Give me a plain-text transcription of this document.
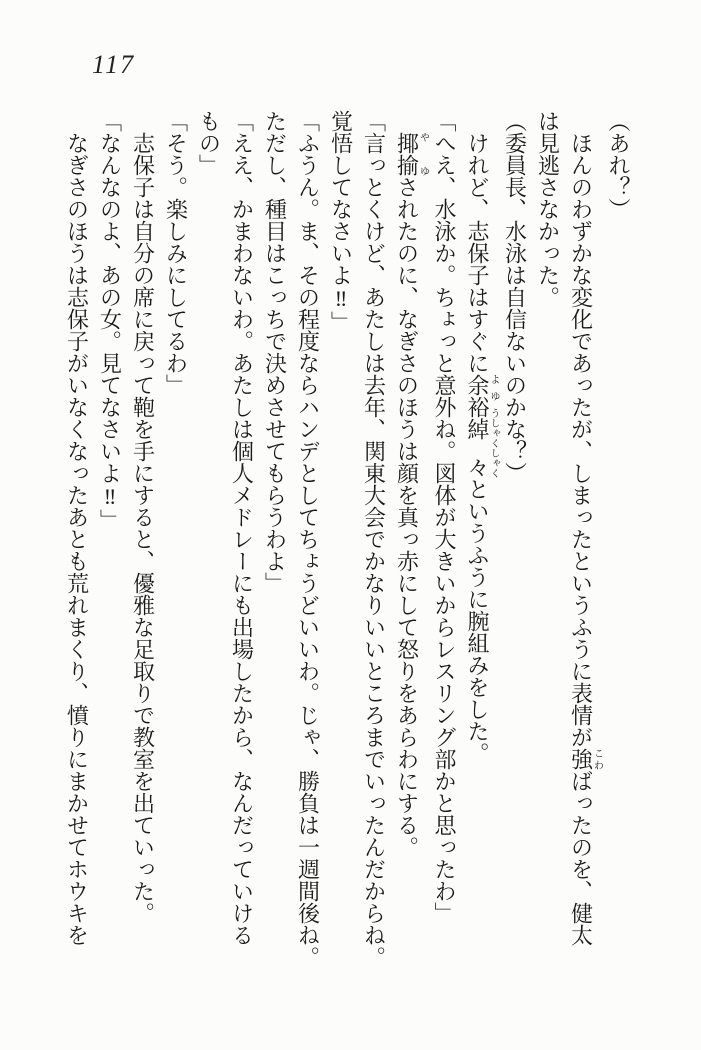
117
（あれ？）
ほんのわずかな変化であったが、しまったというふうに表情が強こわばったのを、健太
は見逃さなかった。
（委員長、水泳は自信ないのかな？）
けれど、志保子はすぐに余裕よゆう綽々しゃくしゃくというふうに腕組みをした。
「へえ、水泳か。ちょっと意外ね。図体が大きいからレスリング部かと思ったわ」
揶揄やゆされたのに、なぎさのほうは顔を真っ赤にして怒りをあらわにする。
「言っとくけど、あたしは去年、関東大会でかなりいいところまでいったんだからね。
覚悟してなさいよ‼」
「ふうん。ま、その程度ならハンデとしてちょうどいいわ。じゃ、勝負は一週間後ね。
ただし、種目はこっちで決めさせてもらうわよ」
「ええ、かまわないわ。あたしは個人メドレーにも出場したから、なんだっていける
もの」
「そう。楽しみにしてるわ」
志保子は自分の席に戻って鞄を手にすると、優雅な足取りで教室を出ていった。
「なんなのよ、あの女。見てなさいよ‼」
なぎさのほうは志保子がいなくなったあとも荒れまくり、憤りにまかせてホウキを
